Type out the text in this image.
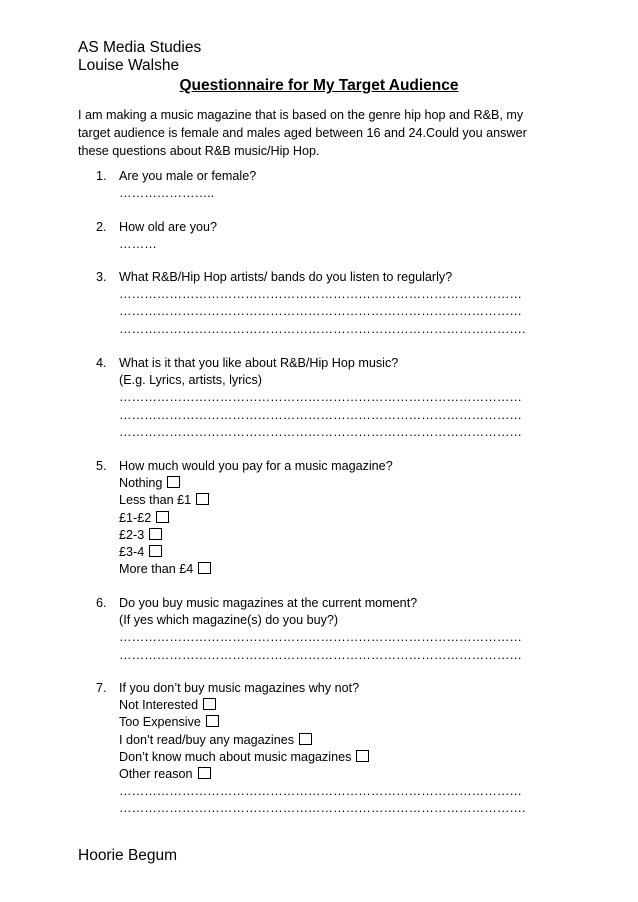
AS Media Studies
Louise Walshe
Questionnaire for My Target Audience
I am making a music magazine that is based on the genre hip hop and R&B, my target audience is female and males aged between 16 and 24.Could you answer these questions about R&B music/Hip Hop.
1. Are you male or female?
…………………..
2. How old are you?
………
3. What R&B/Hip Hop artists/ bands do you listen to regularly?
……………………………………………………………………………………
……………………………………………………………………………………
…………………………………………………………………………………….
4. What is it that you like about R&B/Hip Hop music?
(E.g. Lyrics, artists, lyrics)
……………………………………………………………………………………
……………………………………………………………………………………
……………………………………………………………………………………
5. How much would you pay for a music magazine?
Nothing
Less than £1
£1-£2
£2-3
£3-4
More than £4
6. Do you buy music magazines at the current moment?
(If yes which magazine(s) do you buy?)
……………………………………………………………………………………
……………………………………………………………………………………
7. If you don’t buy music magazines why not?
Not Interested
Too Expensive
I don’t read/buy any magazines
Don’t know much about music magazines
Other reason
……………………………………………………………………………………
…………………………………………………………………………………….
Hoorie Begum
